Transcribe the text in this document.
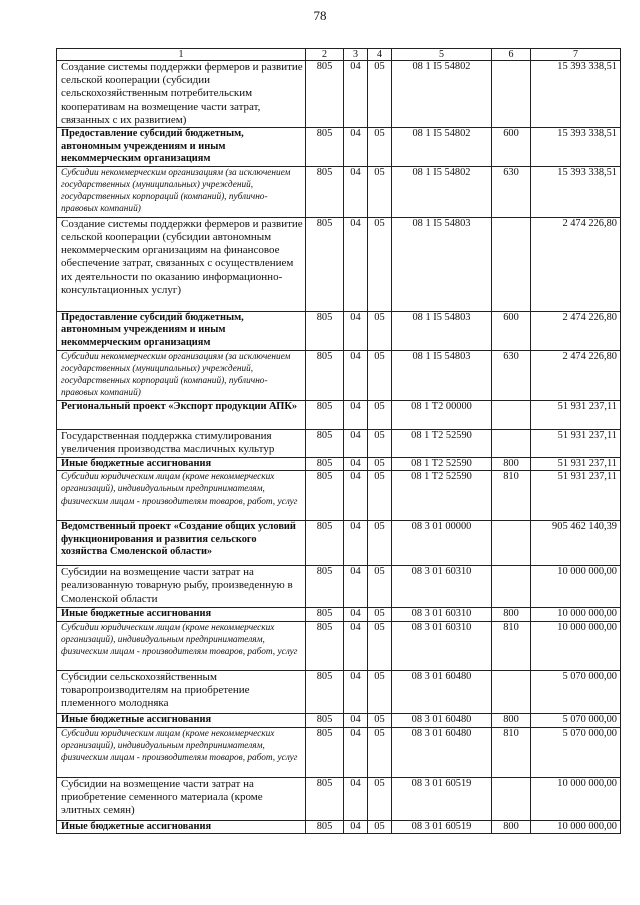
78
1	2	3	4	5	6	7
Создание системы поддержки фермеров и развитие сельской кооперации (субсидии сельскохозяйственным потребительским кооперативам на возмещение части затрат, связанных с их развитием)	805	04	05	08 1 I5 54802		15 393 338,51
Предоставление субсидий бюджетным, автономным учреждениям и иным некоммерческим организациям	805	04	05	08 1 I5 54802	600	15 393 338,51
Субсидии некоммерческим организациям (за исключением государственных (муниципальных) учреждений, государственных корпораций (компаний), публично-правовых компаний)	805	04	05	08 1 I5 54802	630	15 393 338,51
Создание системы поддержки фермеров и развитие сельской кооперации (субсидии автономным некоммерческим организациям на финансовое обеспечение затрат, связанных с осуществлением их деятельности по оказанию информационно-консультационных услуг)	805	04	05	08 1 I5 54803		2 474 226,80
Предоставление субсидий бюджетным, автономным учреждениям и иным некоммерческим организациям	805	04	05	08 1 I5 54803	600	2 474 226,80
Субсидии некоммерческим организациям (за исключением государственных (муниципальных) учреждений, государственных корпораций (компаний), публично-правовых компаний)	805	04	05	08 1 I5 54803	630	2 474 226,80
Региональный проект «Экспорт продукции АПК»	805	04	05	08 1 T2 00000		51 931 237,11
Государственная поддержка стимулирования увеличения производства масличных культур	805	04	05	08 1 T2 52590		51 931 237,11
Иные бюджетные ассигнования	805	04	05	08 1 T2 52590	800	51 931 237,11
Субсидии юридическим лицам (кроме некоммерческих организаций), индивидуальным предпринимателям, физическим лицам - производителям товаров, работ, услуг	805	04	05	08 1 T2 52590	810	51 931 237,11
Ведомственный проект «Создание общих условий функционирования и развития сельского хозяйства Смоленской области»	805	04	05	08 3 01 00000		905 462 140,39
Субсидии на возмещение части затрат на реализованную товарную рыбу, произведенную в Смоленской области	805	04	05	08 3 01 60310		10 000 000,00
Иные бюджетные ассигнования	805	04	05	08 3 01 60310	800	10 000 000,00
Субсидии юридическим лицам (кроме некоммерческих организаций), индивидуальным предпринимателям, физическим лицам - производителям товаров, работ, услуг	805	04	05	08 3 01 60310	810	10 000 000,00
Субсидии сельскохозяйственным товаропроизводителям на приобретение племенного молодняка	805	04	05	08 3 01 60480		5 070 000,00
Иные бюджетные ассигнования	805	04	05	08 3 01 60480	800	5 070 000,00
Субсидии юридическим лицам (кроме некоммерческих организаций), индивидуальным предпринимателям, физическим лицам - производителям товаров, работ, услуг	805	04	05	08 3 01 60480	810	5 070 000,00
Субсидии на возмещение части затрат на приобретение семенного материала (кроме элитных семян)	805	04	05	08 3 01 60519		10 000 000,00
Иные бюджетные ассигнования	805	04	05	08 3 01 60519	800	10 000 000,00
